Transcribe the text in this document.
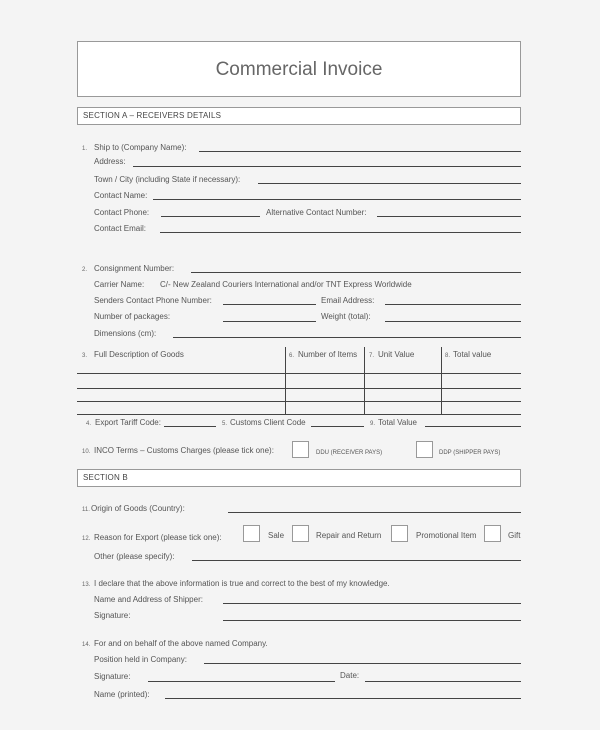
Commercial Invoice
SECTION A – RECEIVERS DETAILS
1. Ship to (Company Name):
Address:
Town / City (including State if necessary):
Contact Name:
Contact Phone:	Alternative Contact Number:
Contact Email:
2. Consignment Number:
Carrier Name: C/- New Zealand Couriers International and/or TNT Express Worldwide
Senders Contact Phone Number:	Email Address:
Number of packages:	Weight (total):
Dimensions (cm):
3. Full Description of Goods	6. Number of Items 7. Unit Value	8. Total value
4. Export Tariff Code:	5. Customs Client Code	9. Total Value
10. INCO Terms – Customs Charges (please tick one):	DDU (RECEIVER PAYS)	DDP (SHIPPER PAYS)
SECTION B
11. Origin of Goods (Country):
12. Reason for Export (please tick one):	Sale	Repair and Return	Promotional Item	Gift
Other (please specify):
13. I declare that the above information is true and correct to the best of my knowledge.
Name and Address of Shipper:
Signature:
14. For and on behalf of the above named Company.
Position held in Company:
Signature:	Date:
Name (printed):
